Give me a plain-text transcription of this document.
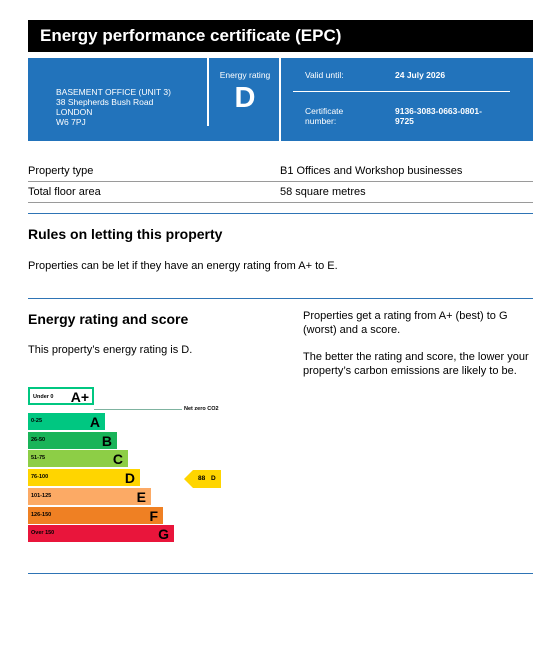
Energy performance certificate (EPC)
BASEMENT OFFICE (UNIT 3)
38 Shepherds Bush Road
LONDON
W6 7PJ
Energy rating
D
Valid until:	24 July 2026
Certificate
number:
9136-3083-0663-0801-
9725
Property type	B1 Offices and Workshop businesses
Total floor area	58 square metres
Rules on letting this property
Properties can be let if they have an energy rating from A+ to E.
Energy rating and score
This property’s energy rating is D.
Properties get a rating from A+ (best) to G
(worst) and a score.
The better the rating and score, the lower your
property’s carbon emissions are likely to be.
Under 0 A+
Net zero CO2
0-25	A
26-50	B
51-75	C
76-100	D
101-125	E
126-150	F
Over 150	G
88 D
